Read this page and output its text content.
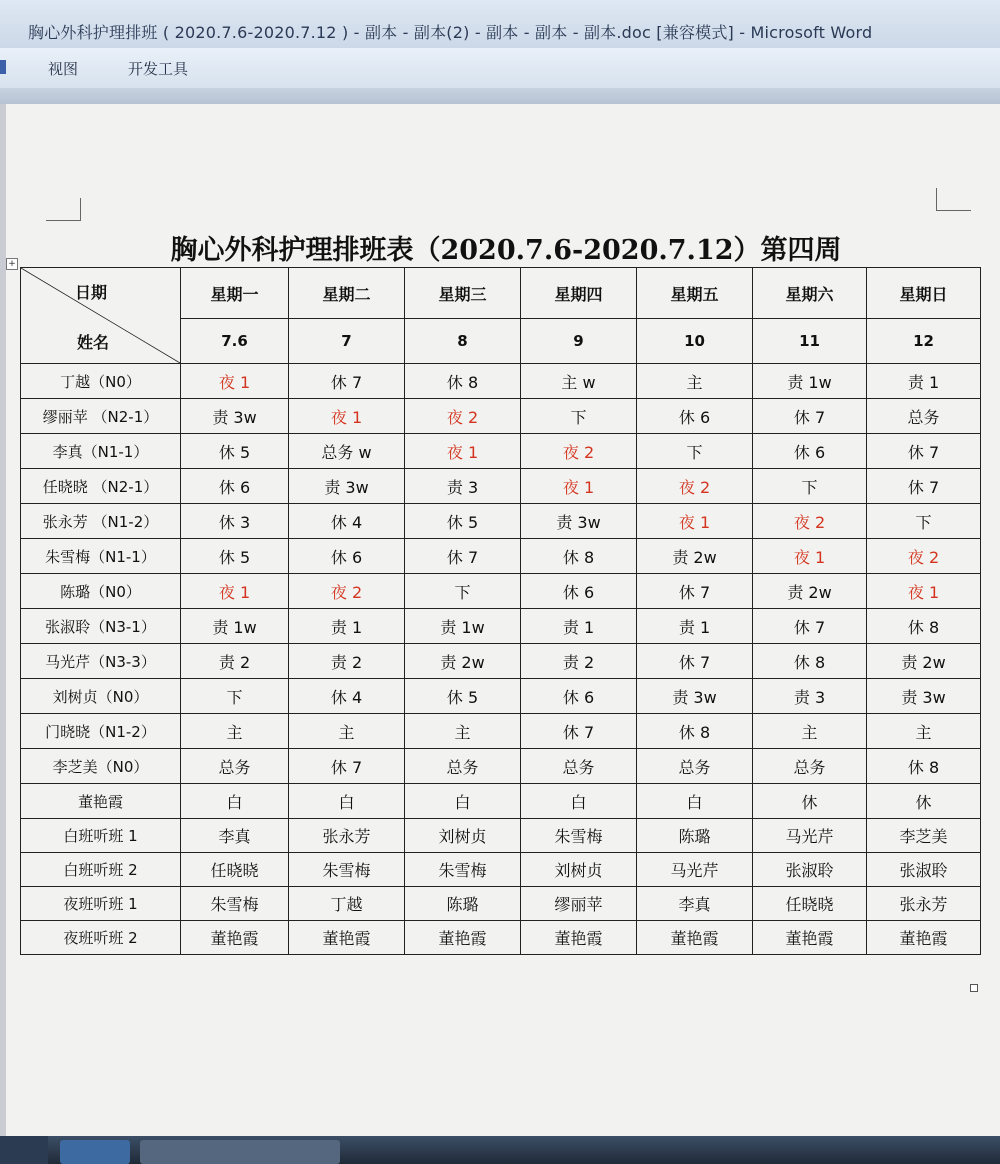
胸心外科护理排班 ( 2020.7.6-2020.7.12 ) - 副本 - 副本(2) - 副本 - 副本 - 副本.doc [兼容模式] - Microsoft Word
视图	开发工具
胸心外科护理排班表（2020.7.6-2020.7.12）第四周
+
日期
姓名	星期一	星期二	星期三	星期四	星期五	星期六	星期日
	7.6	7	8	9	10	11	12
丁越（N0）	夜 1	休 7	休 8	主 w	主	责 1w	责 1
缪丽苹 （N2-1）	责 3w	夜 1	夜 2	下	休 6	休 7	总务
李真（N1-1）	休 5	总务 w	夜 1	夜 2	下	休 6	休 7
任晓晓 （N2-1）	休 6	责 3w	责 3	夜 1	夜 2	下	休 7
张永芳 （N1-2）	休 3	休 4	休 5	责 3w	夜 1	夜 2	下
朱雪梅（N1-1）	休 5	休 6	休 7	休 8	责 2w	夜 1	夜 2
陈璐（N0）	夜 1	夜 2	下	休 6	休 7	责 2w	夜 1
张淑聆（N3-1）	责 1w	责 1	责 1w	责 1	责 1	休 7	休 8
马光芹（N3-3）	责 2	责 2	责 2w	责 2	休 7	休 8	责 2w
刘树贞（N0）	下	休 4	休 5	休 6	责 3w	责 3	责 3w
门晓晓（N1-2）	主	主	主	休 7	休 8	主	主
李芝美（N0）	总务	休 7	总务	总务	总务	总务	休 8
董艳霞	白	白	白	白	白	休	休
白班听班 1	李真	张永芳	刘树贞	朱雪梅	陈璐	马光芹	李芝美
白班听班 2	任晓晓	朱雪梅	朱雪梅	刘树贞	马光芹	张淑聆	张淑聆
夜班听班 1	朱雪梅	丁越	陈璐	缪丽苹	李真	任晓晓	张永芳
夜班听班 2	董艳霞	董艳霞	董艳霞	董艳霞	董艳霞	董艳霞	董艳霞
